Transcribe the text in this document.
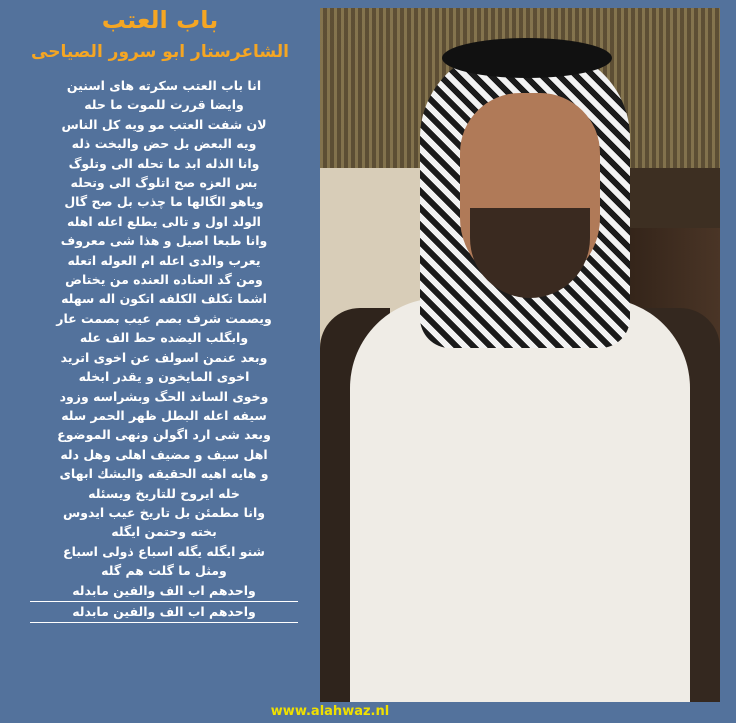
باب العتب
الشاعرستار ابو سرور الصياحى
انا باب العتب سكرته هاى اسنين
وايضا قررت للموت ما حله
لان شفت العتب مو ويه كل الناس
ويه البعض بل حض والبخت ذله
وانا الذله ابد ما تحله الى وتلوگ
بس العزه صح اتلوگ الى وتحله
وياهو الگالها ما چذب بل صح گال
الولد اول و تالى يطلع اعله اهله
وانا طبعا اصيل و هذا شى معروف
يعرب والدى اعله ام العوله اتعله
ومن گد العناده العنده من يختاض
اشما تكلف الكلفه اتكون اله سهله
ويصمت شرف بصم عيب بصمت عار
وابگلب اليضده حط الف عله
وبعد عنمن اسولف عن اخوى اتريد
اخوى المايخون و يقدر ابخله
وخوى الساند الحگ وبشراسه وزود
سيفه اعله البطل ظهر الحمر سله
وبعد شى ارد اگولن ونهى الموضوع
اهل سيف و مضيف اهلى وهل دله
و هايه اهيه الحقيقه واليشك ابهاى
خله ايروح للتاريخ ويسئله
وانا مطمئن بل تاريخ عيب ايدوس
بخته وحتمن ايگله
شنو ايگله يگله اسباع ذولى اسباع
ومثل ما گلت هم گله
واحدهم اب الف والفين مابدله
واحدهم اب الف والفين مابدله
www.alahwaz.nl
